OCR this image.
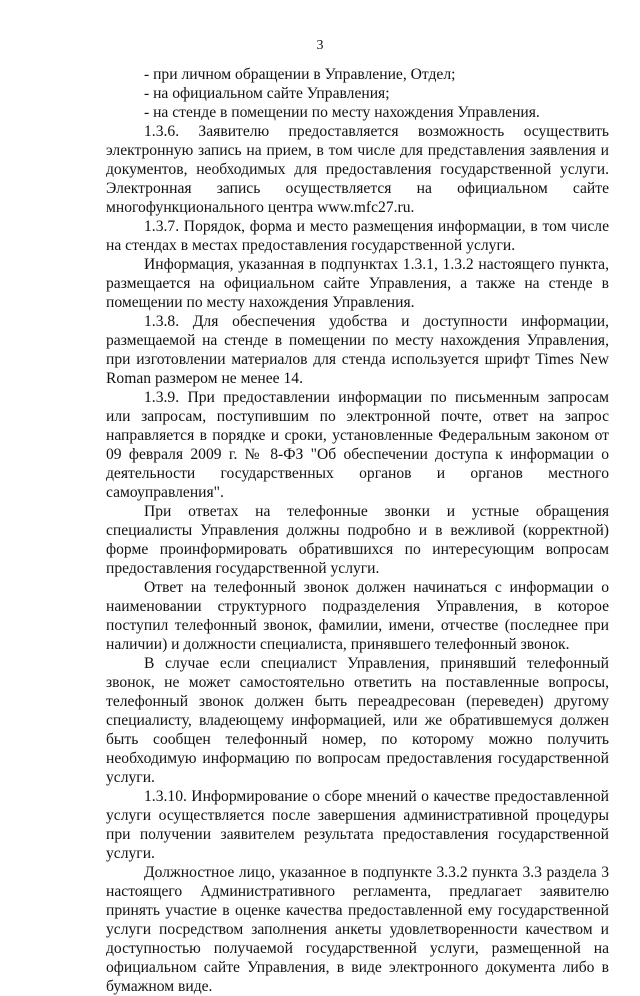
3

- при личном обращении в Управление, Отдел;

- на официальном сайте Управления;

- на стенде в помещении по месту нахождения Управления.

1.3.6. Заявителю предоставляется возможность осуществить электронную запись на прием, в том числе для представления заявления и документов, необходимых для предоставления государственной услуги. Электронная запись осуществляется на официальном сайте многофункционального центра www.mfc27.ru.

1.3.7. Порядок, форма и место размещения информации, в том числе на стендах в местах предоставления государственной услуги.

Информация, указанная в подпунктах 1.3.1, 1.3.2 настоящего пункта, размещается на официальном сайте Управления, а также на стенде в помещении по месту нахождения Управления.

1.3.8. Для обеспечения удобства и доступности информации, размещаемой на стенде в помещении по месту нахождения Управления, при изготовлении материалов для стенда используется шрифт Times New Roman размером не менее 14.

1.3.9. При предоставлении информации по письменным запросам или запросам, поступившим по электронной почте, ответ на запрос направляется в порядке и сроки, установленные Федеральным законом от 09 февраля 2009 г. № 8-ФЗ "Об обеспечении доступа к информации о деятельности государственных органов и органов местного самоуправления".

При ответах на телефонные звонки и устные обращения специалисты Управления должны подробно и в вежливой (корректной) форме проинформировать обратившихся по интересующим вопросам предоставления государственной услуги.

Ответ на телефонный звонок должен начинаться с информации о наименовании структурного подразделения Управления, в которое поступил телефонный звонок, фамилии, имени, отчестве (последнее при наличии) и должности специалиста, принявшего телефонный звонок.

В случае если специалист Управления, принявший телефонный звонок, не может самостоятельно ответить на поставленные вопросы, телефонный звонок должен быть переадресован (переведен) другому специалисту, владеющему информацией, или же обратившемуся должен быть сообщен телефонный номер, по которому можно получить необходимую информацию по вопросам предоставления государственной услуги.

1.3.10. Информирование о сборе мнений о качестве предоставленной услуги осуществляется после завершения административной процедуры при получении заявителем результата предоставления государственной услуги.

Должностное лицо, указанное в подпункте 3.3.2 пункта 3.3 раздела 3 настоящего Административного регламента, предлагает заявителю принять участие в оценке качества предоставленной ему государственной услуги посредством заполнения анкеты удовлетворенности качеством и доступностью получаемой государственной услуги, размещенной на официальном сайте Управления, в виде электронного документа либо в бумажном виде.
